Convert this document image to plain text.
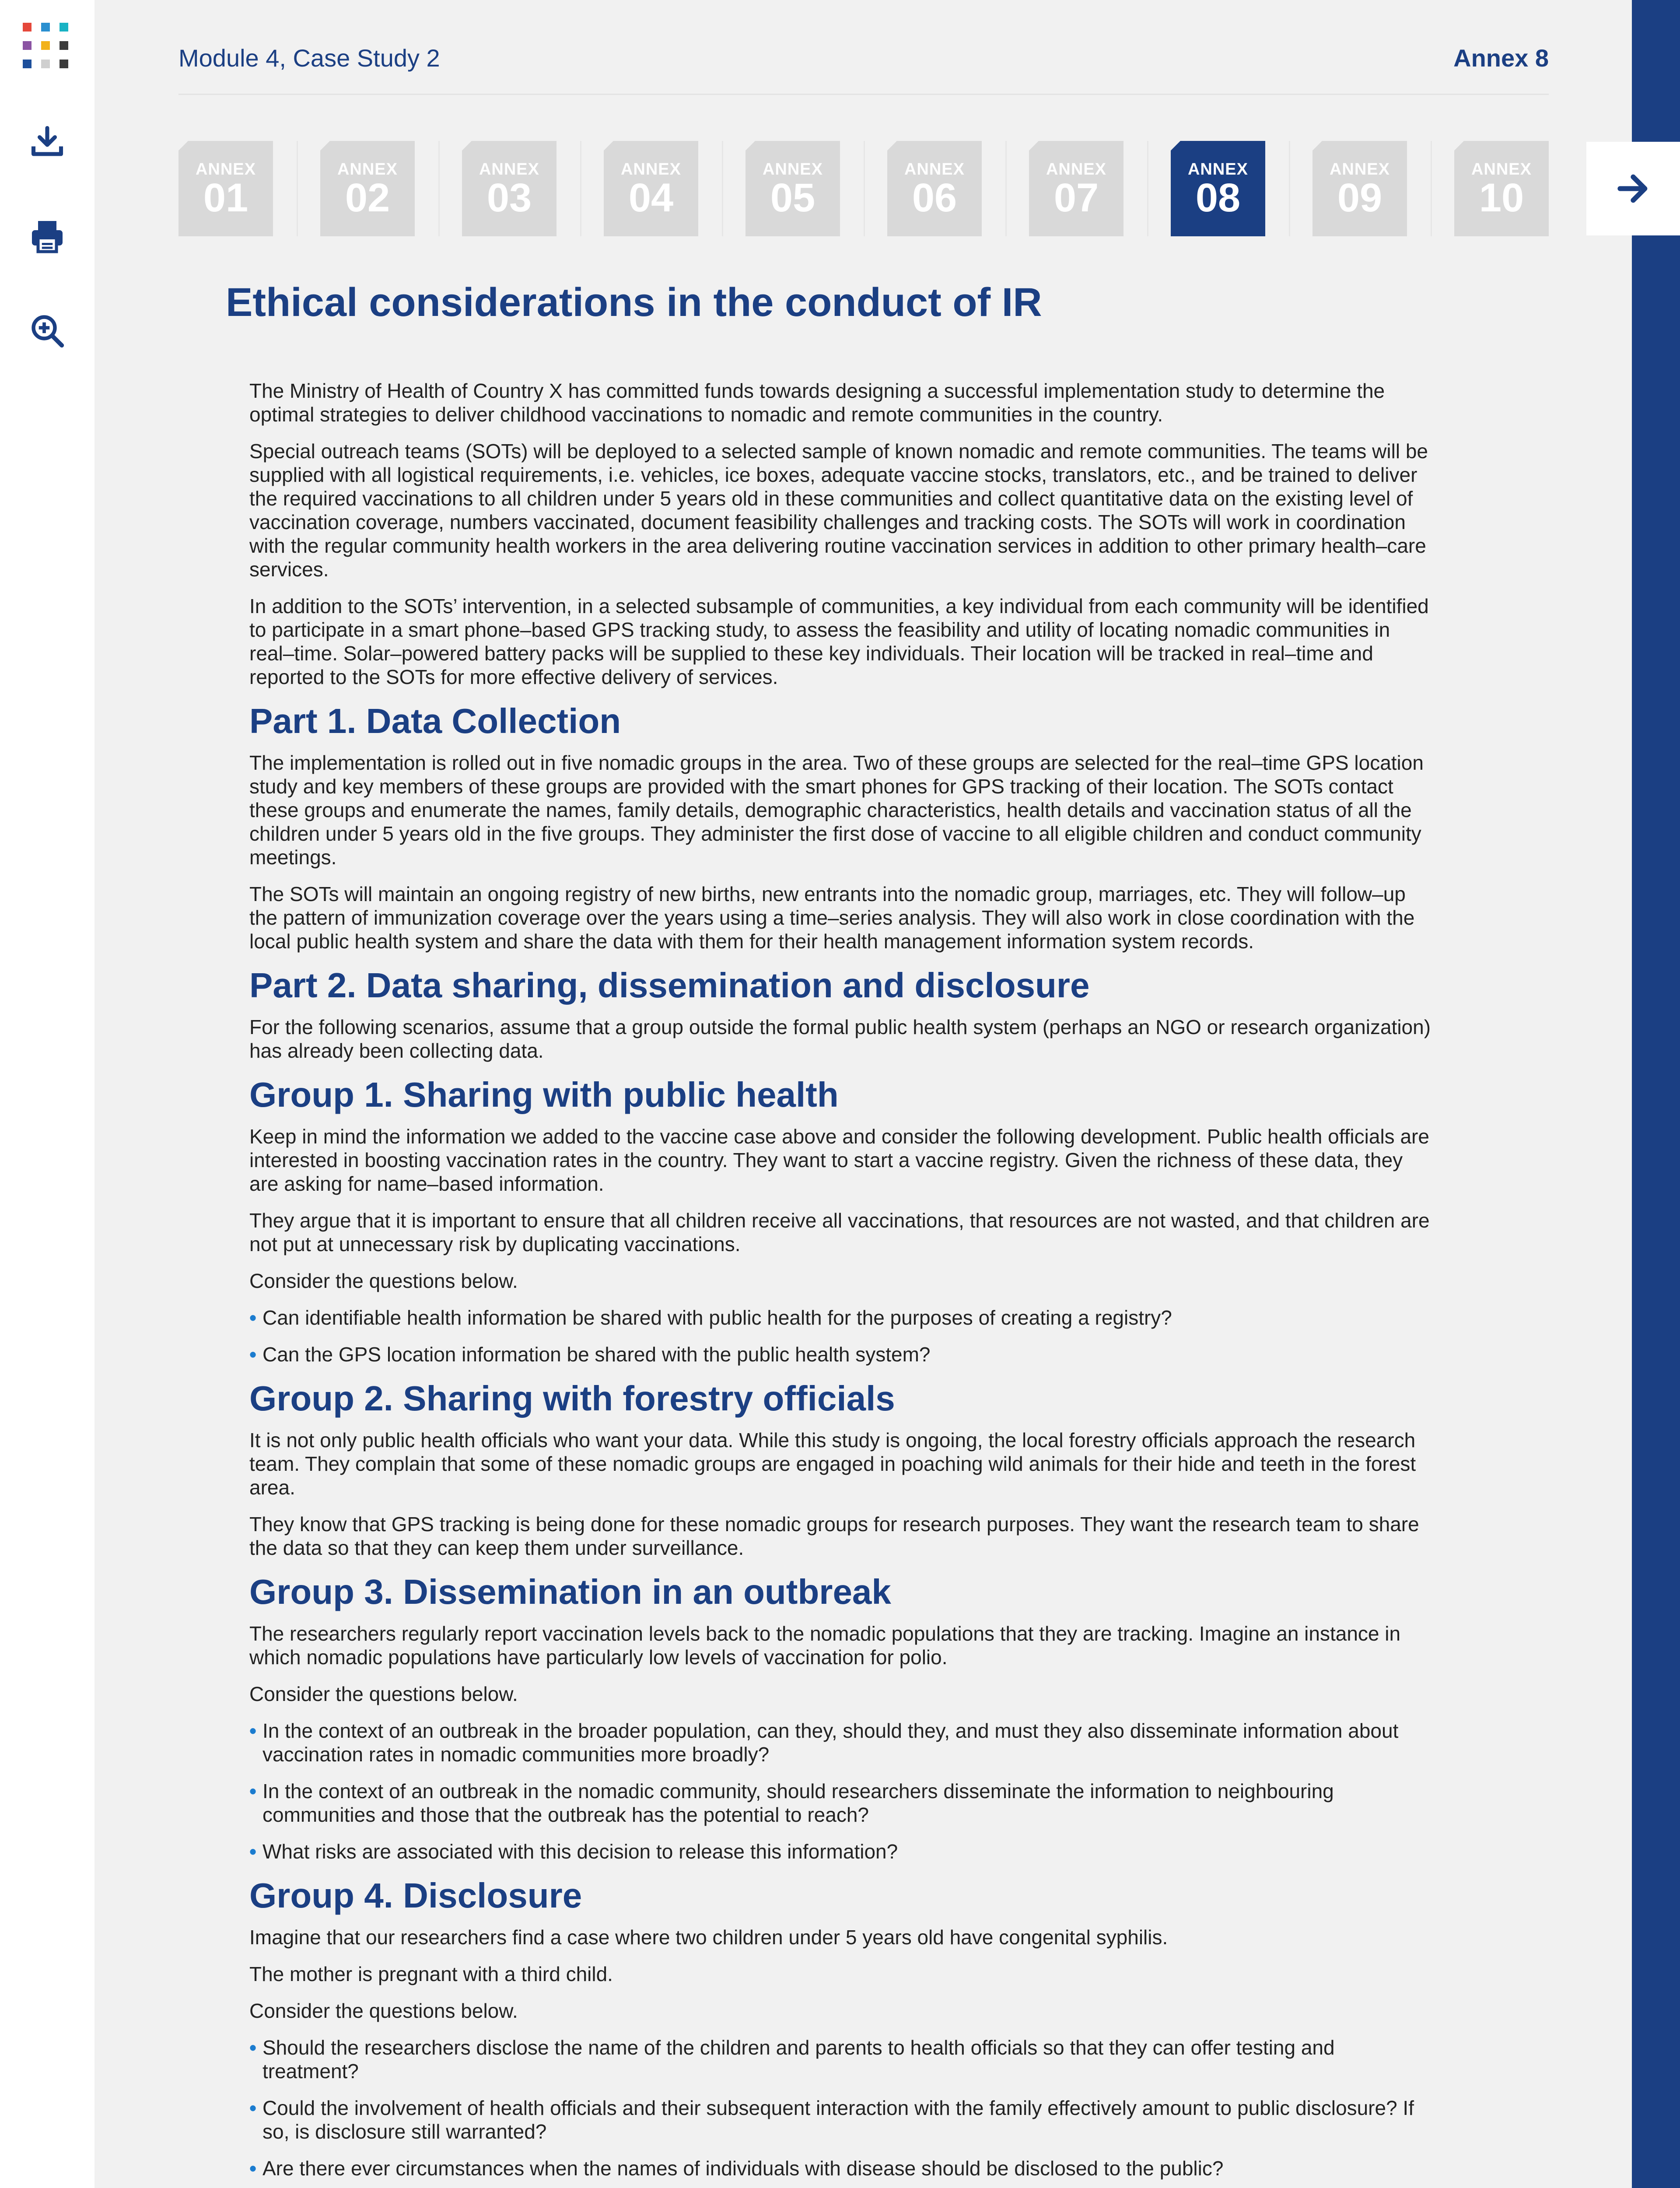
Module 4, Case Study 2	Annex 8
ANNEX
01
ANNEX
02
ANNEX
03
ANNEX
04
ANNEX
05
ANNEX
06
ANNEX
07
ANNEX
08
ANNEX
09
ANNEX
10
Ethical considerations in the conduct of IR

The Ministry of Health of Country X has committed funds towards designing a successful implementation study to determine the optimal strategies to deliver childhood vaccinations to nomadic and remote communities in the country.

Special outreach teams (SOTs) will be deployed to a selected sample of known nomadic and remote communities. The teams will be supplied with all logistical requirements, i.e. vehicles, ice boxes, adequate vaccine stocks, translators, etc., and be trained to deliver the required vaccinations to all children under 5 years old in these communities and collect quantitative data on the existing level of vaccination coverage, numbers vaccinated, document feasibility challenges and tracking costs. The SOTs will work in coordination with the regular community health workers in the area delivering routine vaccination services in addition to other primary health–care services.

In addition to the SOTs’ intervention, in a selected subsample of communities, a key individual from each community will be identified to participate in a smart phone–based GPS tracking study, to assess the feasibility and utility of locating nomadic communities in real–time. Solar–powered battery packs will be supplied to these key individuals. Their location will be tracked in real–time and reported to the SOTs for more effective delivery of services.

Part 1. Data Collection

The implementation is rolled out in five nomadic groups in the area. Two of these groups are selected for the real–time GPS location study and key members of these groups are provided with the smart phones for GPS tracking of their location. The SOTs contact these groups and enumerate the names, family details, demographic characteristics, health details and vaccination status of all the children under 5 years old in the five groups. They administer the first dose of vaccine to all eligible children and conduct community meetings.

The SOTs will maintain an ongoing registry of new births, new entrants into the nomadic group, marriages, etc. They will follow–up the pattern of immunization coverage over the years using a time–series analysis. They will also work in close coordination with the local public health system and share the data with them for their health management information system records.

Part 2. Data sharing, dissemination and disclosure

For the following scenarios, assume that a group outside the formal public health system (perhaps an NGO or research organization) has already been collecting data.

Group 1. Sharing with public health

Keep in mind the information we added to the vaccine case above and consider the following development. Public health officials are interested in boosting vaccination rates in the country. They want to start a vaccine registry. Given the richness of these data, they are asking for name–based information.

They argue that it is important to ensure that all children receive all vaccinations, that resources are not wasted, and that children are not put at unnecessary risk by duplicating vaccinations.

Consider the questions below.

• Can identifiable health information be shared with public health for the purposes of creating a registry?
• Can the GPS location information be shared with the public health system?
Group 2. Sharing with forestry officials

It is not only public health officials who want your data. While this study is ongoing, the local forestry officials approach the research team. They complain that some of these nomadic groups are engaged in poaching wild animals for their hide and teeth in the forest area.

They know that GPS tracking is being done for these nomadic groups for research purposes. They want the research team to share the data so that they can keep them under surveillance.

Group 3. Dissemination in an outbreak

The researchers regularly report vaccination levels back to the nomadic populations that they are tracking. Imagine an instance in which nomadic populations have particularly low levels of vaccination for polio.

Consider the questions below.

• In the context of an outbreak in the broader population, can they, should they, and must they also disseminate information about vaccination rates in nomadic communities more broadly?
• In the context of an outbreak in the nomadic community, should researchers disseminate the information to neighbouring communities and those that the outbreak has the potential to reach?
• What risks are associated with this decision to release this information?
Group 4. Disclosure

Imagine that our researchers find a case where two children under 5 years old have congenital syphilis.

The mother is pregnant with a third child.

Consider the questions below.

• Should the researchers disclose the name of the children and parents to health officials so that they can offer testing and treatment?
• Could the involvement of health officials and their subsequent interaction with the family effectively amount to public disclosure? If so, is disclosure still warranted?
• Are there ever circumstances when the names of individuals with disease should be disclosed to the public?
